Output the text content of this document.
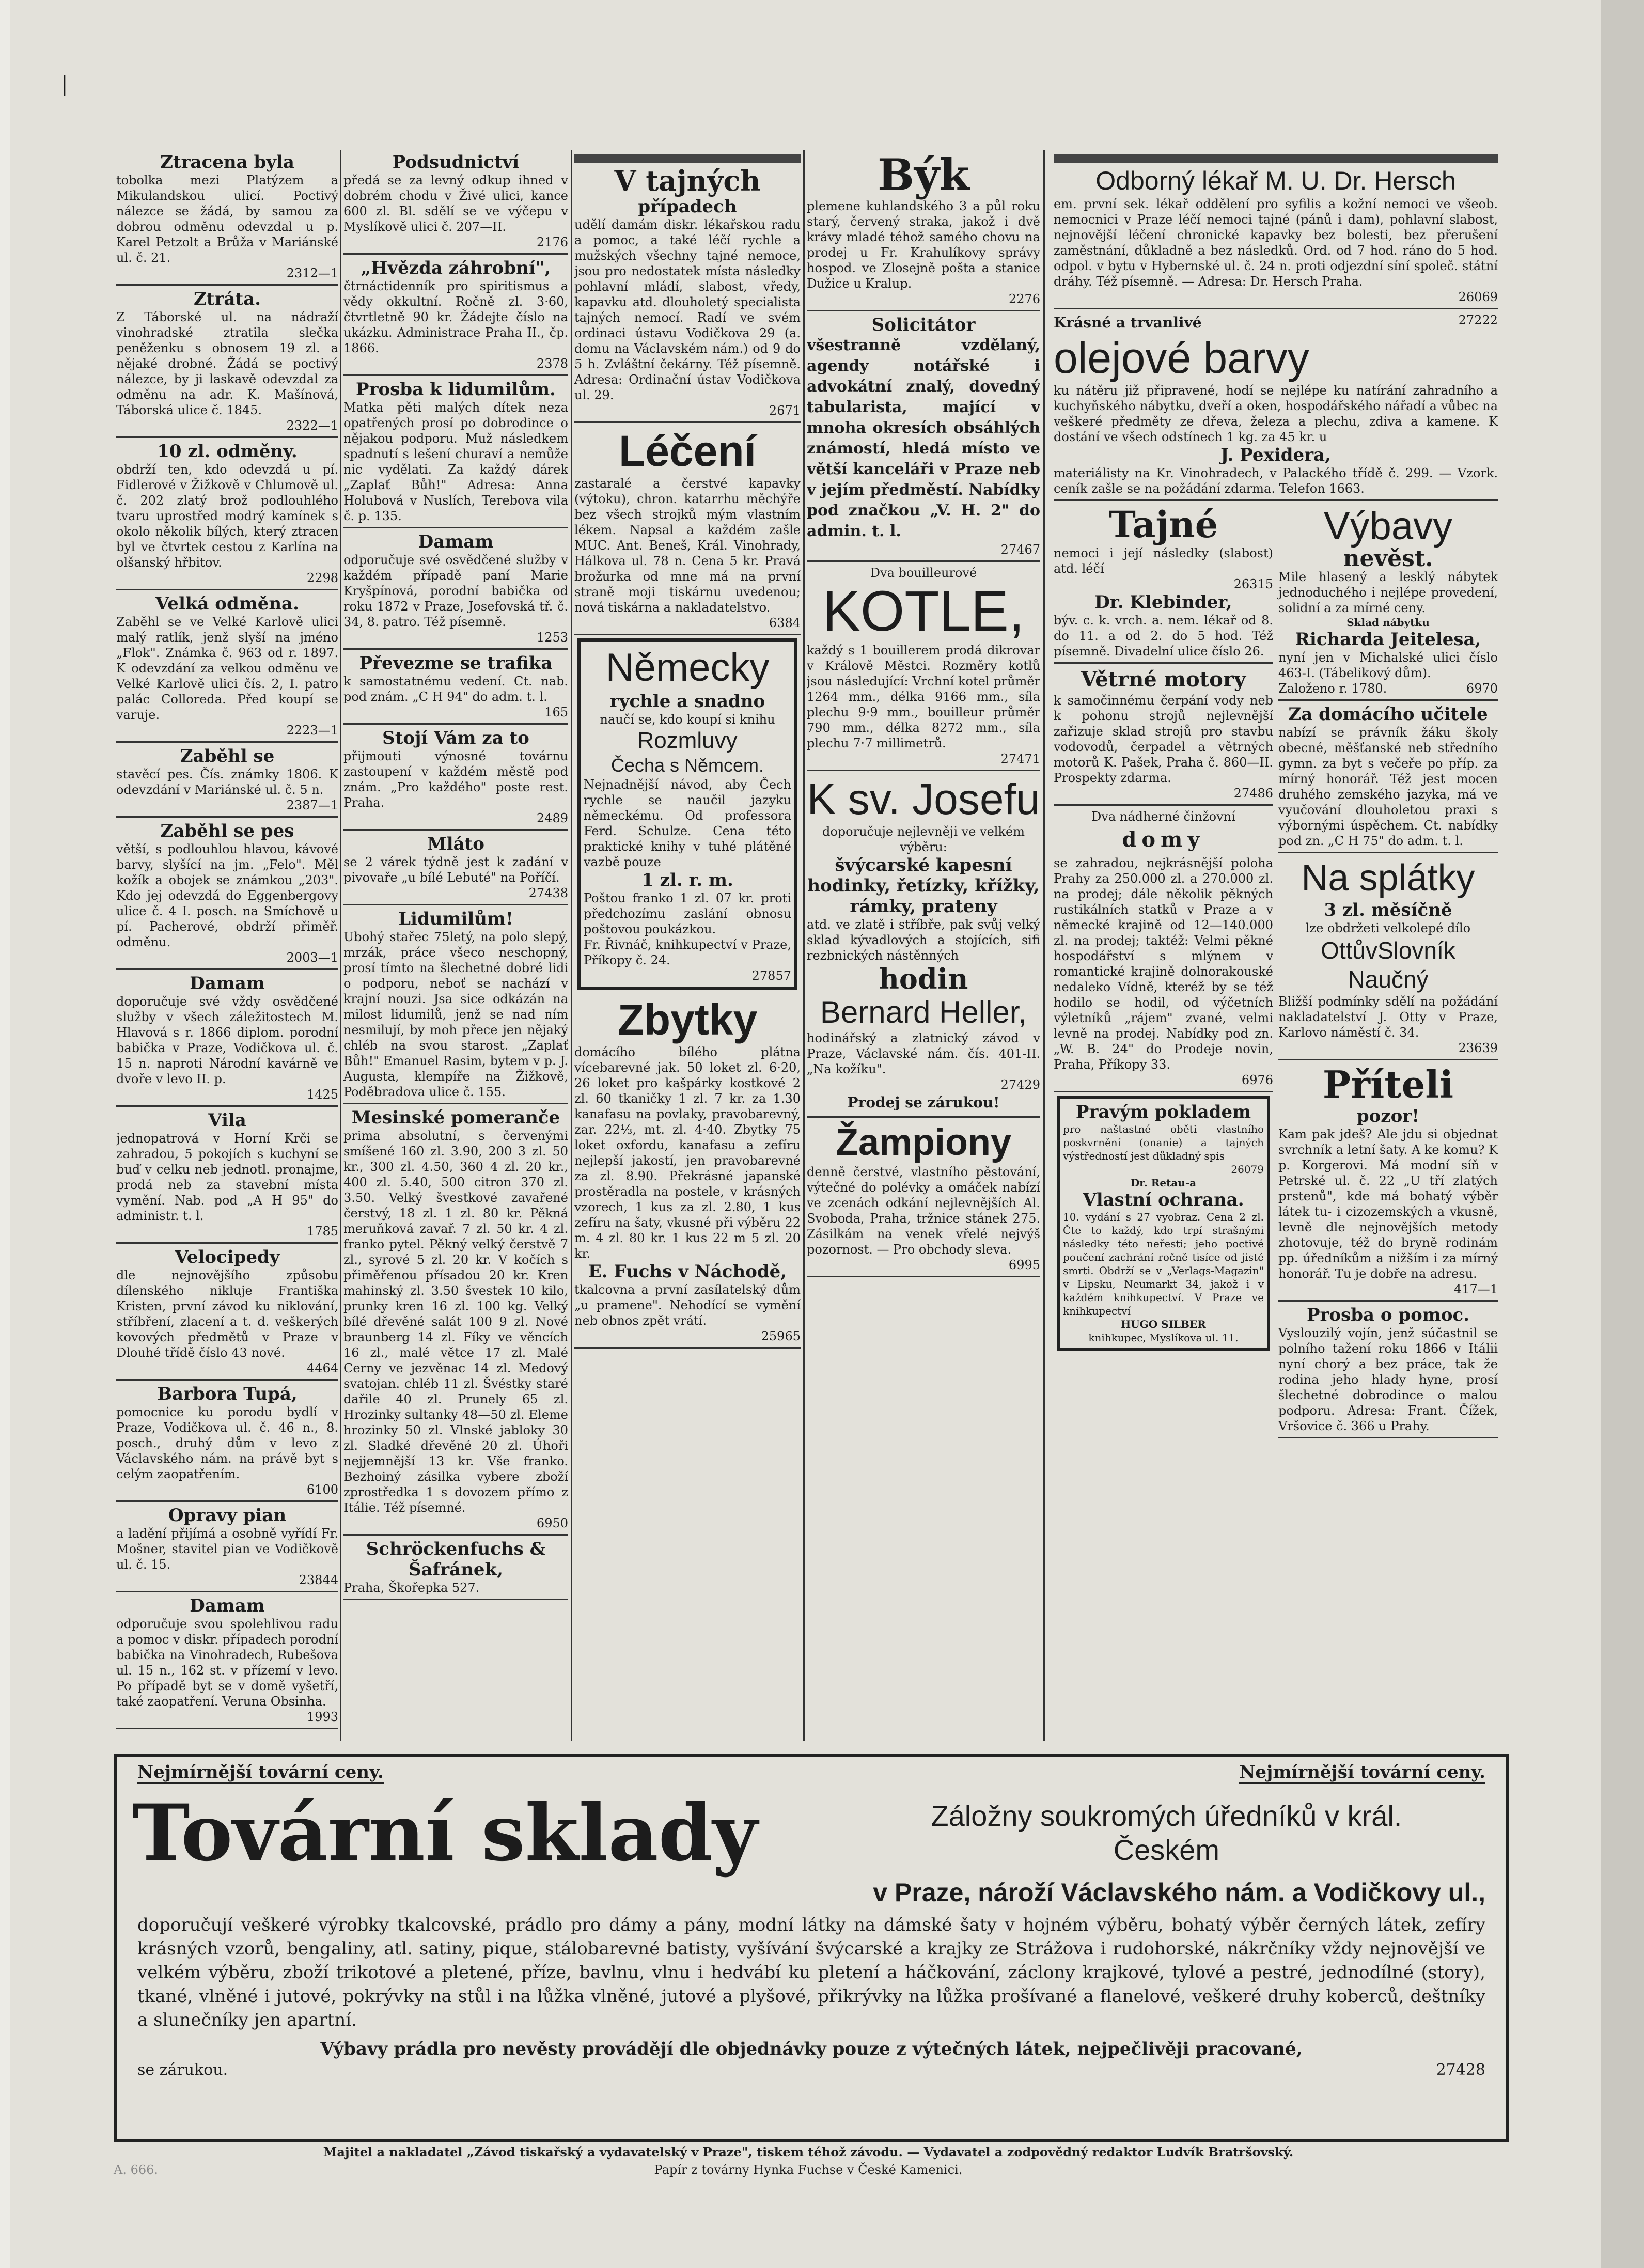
|
Ztracena byla

tobolka mezi Platýzem a Mikulandskou ulicí. Poctivý nálezce se žádá, by samou za dobrou odměnu odevzdal u p. Karel Petzolt a Brůža v Mariánské ul. č. 21.

2312—1
Ztráta.

Z Táborské ul. na nádraží vinohradské ztratila slečka peněženku s obnosem 19 zl. a nějaké drobné. Žádá se poctivý nálezce, by ji laskavě odevzdal za odměnu na adr. K. Mašínová, Táborská ulice č. 1845.

2322—1
10 zl. odměny.

obdrží ten, kdo odevzdá u pí. Fidlerové v Žižkově v Chlumově ul. č. 202 zlatý brož podlouhlého tvaru uprostřed modrý kamínek s okolo několik bílých, který ztracen byl ve čtvrtek cestou z Karlína na olšanský hřbitov.

2298
Velká odměna.

Zaběhl se ve Velké Karlově ulici malý ratlík, jenž slyší na jméno „Flok". Známka č. 963 od r. 1897. K odevzdání za velkou odměnu ve Velké Karlově ulici čís. 2, I. patro palác Colloreda. Před koupí se varuje.

2223—1
Zaběhl se

stavěcí pes. Čís. známky 1806. K odevzdání v Mariánské ul. č. 5 n.

2387—1
Zaběhl se pes

větší, s podlouhlou hlavou, kávové barvy, slyšící na jm. „Felo". Měl kožík a obojek se známkou „203". Kdo jej odevzdá do Eggenbergovy ulice č. 4 I. posch. na Smíchově u pí. Pacherové, obdrží přiměř. odměnu.

2003—1
Damam

doporučuje své vždy osvědčené služby v všech záležitostech M. Hlavová s r. 1866 diplom. porodní babička v Praze, Vodičkova ul. č. 15 n. naproti Národní kavárně ve dvoře v levo II. p.

1425
Vila

jednopatrová v Horní Krči se zahradou, 5 pokojích s kuchyní se buď v celku neb jednotl. pronajme, prodá neb za stavební místa vymění. Nab. pod „A H 95" do administr. t. l.

1785
Velocipedy

dle nejnovějšího způsobu dílenského nikluje Františka Kristen, první závod ku niklování, stříbření, zlacení a t. d. veškerých kovových předmětů v Praze v Dlouhé třídě číslo 43 nové.

4464
Barbora Tupá,

pomocnice ku porodu bydlí v Praze, Vodičkova ul. č. 46 n., 8. posch., druhý dům v levo z Václavského nám. na právě byt s celým zaopatřením.

6100
Opravy pian

a ladění přijímá a osobně vyřídí Fr. Mošner, stavitel pian ve Vodičkově ul. č. 15.

23844
Damam

odporučuje svou spolehlivou radu a pomoc v diskr. případech porodní babička na Vinohradech, Rubešova ul. 15 n., 162 st. v přízemí v levo. Po případě byt se v domě vyšetří, také zaopatření. Veruna Obsinha.

1993
Podsudnictví

předá se za levný odkup ihned v dobrém chodu v Živé ulici, kance 600 zl. Bl. sdělí se ve výčepu v Myslíkově ulici č. 207—II.

2176
„Hvězda záhrobní",

čtrnáctidenník pro spiritismus a vědy okkultní. Ročně zl. 3·60, čtvrtletně 90 kr. Žádejte číslo na ukázku. Administrace Praha II., čp. 1866.

2378
Prosba k lidumilům.

Matka pěti malých dítek neza opatřených prosí po dobrodince o nějakou podporu. Muž následkem spadnutí s lešení churaví a nemůže nic vydělati. Za každý dárek „Zaplať Bůh!" Adresa: Anna Holubová v Nuslích, Terebova vila č. p. 135.

Damam

odporučuje své osvědčené služby v každém případě paní Marie Kryšpínová, porodní babička od roku 1872 v Praze, Josefovská tř. č. 34, 8. patro. Též písemně.

1253
Převezme se trafika

k samostatnému vedení. Ct. nab. pod znám. „C H 94" do adm. t. l.

165
Stojí Vám za to

přijmouti výnosné továrnu zastoupení v každém městě pod znám. „Pro každého" poste rest. Praha.

2489
Mláto

se 2 várek týdně jest k zadání v pivovaře „u bílé Lebuté" na Poříčí.

27438
Lidumilům!

Ubohý stařec 75letý, na polo slepý, mrzák, práce všeco neschopný, prosí tímto na šlechetné dobré lidi o podporu, neboť se nachází v krajní nouzi. Jsa sice odkázán na milost lidumilů, jenž se nad ním nesmilují, by moh přece jen nějaký chléb na svou starost. „Zaplať Bůh!" Emanuel Rasim, bytem v p. J. Augusta, klempíře na Žižkově, Poděbradova ulice č. 155.

Mesinské pomeranče

prima absolutní, s červenými smíšené 160 zl. 3.90, 200 3 zl. 50 kr., 300 zl. 4.50, 360 4 zl. 20 kr., 400 zl. 5.40, 500 citron 370 zl. 3.50. Velký švestkové zavařené čerstvý, 18 zl. 1 zl. 80 kr. Pěkná meruňková zavař. 7 zl. 50 kr. 4 zl. franko pytel. Pěkný velký čerstvě 7 zl., syrové 5 zl. 20 kr. V kočích s přiměřenou přísadou 20 kr. Kren mahinský zl. 3.50 švestek 10 kilo, prunky kren 16 zl. 100 kg. Velký bílé dřevěné salát 100 9 zl. Nové braunberg 14 zl. Fíky ve věncích 16 zl., malé větce 17 zl. Malé Cerny ve jezvěnac 14 zl. Medový svatojan. chléb 11 zl. Švéstky staré dařile 40 zl. Prunely 65 zl. Hrozinky sultanky 48—50 zl. Eleme hrozinky 50 zl. Vlnské jabloky 30 zl. Sladké dřevěné 20 zl. Úhoři nejjemnější 13 kr. Vše franko. Bezhoiný zásilka vybere zboží zprostředka 1 s dovozem přímo z Itálie. Též písemné.

6950
Schröckenfuchs & Šafránek,

Praha, Škořepka 527.

V tajných
případech

udělí damám diskr. lékařskou radu a pomoc, a také léčí rychle a mužských všechny tajné nemoce, jsou pro nedostatek místa následky pohlavní mládí, slabost, vředy, kapavku atd. dlouholetý specialista tajných nemocí. Radí ve svém ordinaci ústavu Vodičkova 29 (a. domu na Václavském nám.) od 9 do 5 h. Zvláštní čekárny. Též písemně. Adresa: Ordinační ústav Vodičkova ul. 29.

2671
Léčení

zastaralé a čerstvé kapavky (výtoku), chron. katarrhu měchýře bez všech strojků mým vlastním lékem. Napsal a každém zašle MUC. Ant. Beneš, Král. Vinohrady, Hálkova ul. 78 n. Cena 5 kr. Pravá brožurka od mne má na první straně moji tiskárnu uvedenou; nová tiskárna a nakladatelstvo.

6384
Německy
rychle a snadno
naučí se, kdo koupí si knihu
Rozmluvy
Čecha s Němcem.

Nejnadnější návod, aby Čech rychle se naučil jazyku německému. Od professora Ferd. Schulze. Cena této praktické knihy v tuhé plátěné vazbě pouze

1 zl. r. m.

Poštou franko 1 zl. 07 kr. proti předchozímu zaslání obnosu poštovou poukázkou.

Fr. Řivnáč, knihkupectví v Praze, Příkopy č. 24.

27857
Zbytky

domácího bílého plátna vícebarevné jak. 50 loket zl. 6·20, 26 loket pro kašpárky kostkové 2 zl. 60 tkaničky 1 zl. 7 kr. za 1.30 kanafasu na povlaky, pravobarevný, zar. 22⅓, mt. zl. 4·40. Zbytky 75 loket oxfordu, kanafasu a zefíru nejlepší jakostí, jen pravobarevné za zl. 8.90. Překrásné japanské prostěradla na postele, v krásných vzorech, 1 kus za zl. 2.80, 1 kus zefíru na šaty, vkusné při výběru 22 m. 4 zl. 80 kr. 1 kus 22 m 5 zl. 20 kr.

E. Fuchs v Náchodě,

tkalcovna a první zasílatelský dům „u pramene". Nehodící se vymění neb obnos zpět vrátí.

25965
Býk

plemene kuhlandského 3 a půl roku starý, červený straka, jakož i dvě krávy mladé téhož samého chovu na prodej u Fr. Krahulíkovy správy hospod. ve Zlosejně pošta a stanice Dužice u Kralup.

2276
Solicitátor

všestranně vzdělaný, agendy notářské i advokátní znalý, dovedný tabularista, mající v mnoha okresích obsáhlých známostí, hledá místo ve větší kanceláři v Praze neb v jejím předměstí. Nabídky pod značkou „V. H. 2" do admin. t. l.

27467
Dva bouilleurové
KOTLE,

každý s 1 bouillerem prodá dikrovar v Králově Městci. Rozměry kotlů jsou následující: Vrchní kotel průměr 1264 mm., délka 9166 mm., síla plechu 9·9 mm., bouilleur průměr 790 mm., délka 8272 mm., síla plechu 7·7 millimetrů.

27471
K sv. Josefu
doporučuje nejlevněji ve velkém výběru:
švýcarské kapesní hodinky, řetízky, křížky, rámky, prateny

atd. ve zlatě i stříbře, pak svůj velký sklad kývadlových a stojících, sifi rezbnických nástěnných

hodin
Bernard Heller,

hodinářský a zlatnický závod v Praze, Václavské nám. čís. 401-II. „Na kožíku".

27429
Prodej se zárukou!
Žampiony

denně čerstvé, vlastního pěstování, výtečné do polévky a omáček nabízí ve zcenách odkání nejlevnějších Al. Svoboda, Praha, tržnice stánek 275. Zásilkám na venek vřelé nejvýš pozornost. — Pro obchody sleva.

6995
Odborný lékař M. U. Dr. Hersch

em. první sek. lékař oddělení pro syfilis a kožní nemoci ve všeob. nemocnici v Praze léčí nemoci tajné (pánů i dam), pohlavní slabost, nejnovější léčení chronické kapavky bez bolesti, bez přerušení zaměstnání, důkladně a bez následků. Ord. od 7 hod. ráno do 5 hod. odpol. v bytu v Hybernské ul. č. 24 n. proti odjezdní síní společ. státní dráhy. Též písemně. — Adresa: Dr. Hersch Praha.

26069
Krásné a trvanlivé	27222
olejové barvy

ku nátěru již připravené, hodí se nejlépe ku natírání zahradního a kuchyňského nábytku, dveří a oken, hospodářského nářadí a vůbec na veškeré předměty ze dřeva, železa a plechu, zdiva a kamene. K dostání ve všech odstínech 1 kg. za 45 kr. u

J. Pexidera,

materiálisty na Kr. Vinohradech, v Palackého třídě č. 299. — Vzork. ceník zašle se na požádání zdarma. Telefon 1663.

Tajné

nemoci i její následky (slabost) atd. léčí

26315
Dr. Klebinder,

býv. c. k. vrch. a. nem. lékař od 8. do 11. a od 2. do 5 hod. Též písemně. Divadelní ulice číslo 26.

Větrné motory

k samočinnému čerpání vody neb k pohonu strojů nejlevnější zařizuje sklad strojů pro stavbu vodovodů, čerpadel a větrných motorů K. Pašek, Praha č. 860—II. Prospekty zdarma.

27486
Dva nádherné činžovní
domy

se zahradou, nejkrásnější poloha Prahy za 250.000 zl. a 270.000 zl. na prodej; dále několik pěkných rustikálních statků v Praze a v německé krajině od 12—140.000 zl. na prodej; taktéž: Velmi pěkné hospodářství s mlýnem v romantické krajině dolnorakouské nedaleko Vídně, kteréž by se též hodilo se hodil, od výčetních výletníků „rájem" zvané, velmi levně na prodej. Nabídky pod zn. „W. B. 24" do Prodeje novin, Praha, Příkopy 33.

6976
Pravým pokladem

pro naštastné oběti vlastního poskvrnění (onanie) a tajných výstředností jest důkladný spis

26079
Dr. Retau-a
Vlastní ochrana.

10. vydání s 27 vyobraz. Cena 2 zl. Čte to každý, kdo trpí strašnými následky této neřesti; jeho poctivé poučení zachrání ročně tisíce od jisté smrti. Obdrží se v „Verlags-Magazin" v Lipsku, Neumarkt 34, jakož i v každém knihkupectví. V Praze ve knihkupectví

HUGO SILBER
knihkupec, Myslíkova ul. 11.
Výbavy
nevěst.

Mile hlasený a lesklý nábytek jednoduchého i nejlépe provedení, solidní a za mírné ceny.

Sklad nábytku
Richarda Jeitelesa,

nyní jen v Michalské ulici číslo 463-I. (Tábelikový dům).

Založeno r. 1780.	6970
Za domácího učitele

nabízí se právník žáku školy obecné, měšťanské neb středního gymn. za byt s večeře po příp. za mírný honorář. Též jest mocen druhého zemského jazyka, má ve vyučování dlouholetou praxi s výbornými úspěchem. Ct. nabídky pod zn. „C H 75" do adm. t. l.

Na splátky
3 zl. měsíčně
lze obdržeti velkolepé dílo
OttůvSlovník Naučný

Bližší podmínky sdělí na požádání nakladatelství J. Otty v Praze, Karlovo náměstí č. 34.

23639
Příteli
pozor!

Kam pak jdeš? Ale jdu si objednat svrchník a letní šaty. A ke komu? K p. Korgerovi. Má modní síň v Petrské ul. č. 22 „U tří zlatých prstenů", kde má bohatý výběr látek tu- i cizozemských a vkusně, levně dle nejnovějších metody zhotovuje, též do bryně rodinám pp. úředníkům a nižším i za mírný honorář. Tu je dobře na adresu.

417—1
Prosba o pomoc.

Vyslouzilý vojín, jenž súčastnil se polního tažení roku 1866 v Itálii nyní chorý a bez práce, tak že rodina jeho hlady hyne, prosí šlechetné dobrodince o malou podporu. Adresa: Frant. Čížek, Vršovice č. 366 u Prahy.

Nejmírnější tovární ceny.	Nejmírnější tovární ceny.
Tovární sklady	Záložny soukromých úředníků v král.
Českém
v Praze, nároží Václavského nám. a Vodičkovy ul.,

doporučují veškeré výrobky tkalcovské, prádlo pro dámy a pány, modní látky na dámské šaty v hojném výběru, bohatý výběr černých látek, zefíry krásných vzorů, bengaliny, atl. satiny, pique, stálobarevné batisty, vyšívání švýcarské a krajky ze Strážova i rudohorské, nákrčníky vždy nejnovější ve velkém výběru, zboží trikotové a pletené, příze, bavlnu, vlnu i hedvábí ku pletení a háčkování, záclony krajkové, tylové a pestré, jednodílné (story), tkané, vlněné i jutové, pokrývky na stůl i na lůžka vlněné, jutové a plyšové, přikrývky na lůžka prošívané a flanelové, veškeré druhy koberců, deštníky a slunečníky jen apartní.

Výbavy prádla pro nevěsty provádějí dle objednávky pouze z výtečných látek, nejpečlivěji pracované,
se zárukou.	27428
Majitel a nakladatel „Závod tiskařský a vydavatelský v Praze", tiskem téhož závodu. — Vydavatel a zodpovědný redaktor Ludvík Bratršovský.
Papír z továrny Hynka Fuchse v České Kamenici.
A. 666.
